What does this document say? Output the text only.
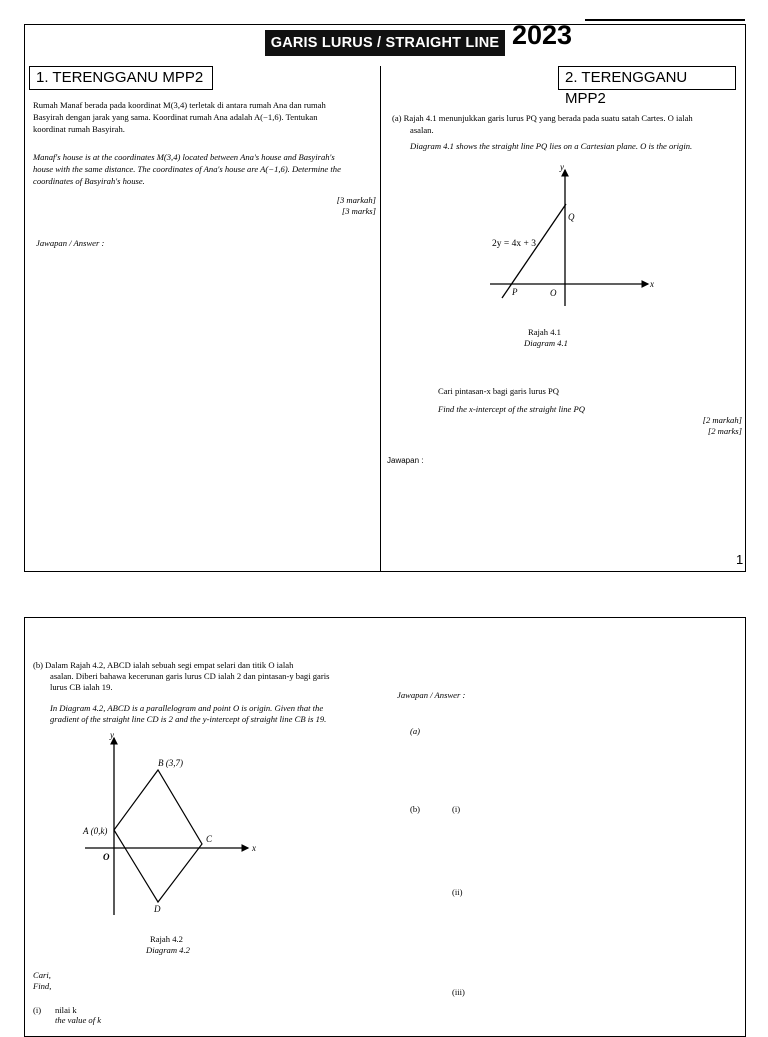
GARIS LURUS / STRAIGHT LINE 2023
1. TERENGGANU MPP2	2. TERENGGANU MPP2
Rumah Manaf berada pada koordinat M(3,4) terletak di antara rumah Ana dan rumah
Basyirah dengan jarak yang sama. Koordinat rumah Ana adalah A(−1,6). Tentukan
koordinat rumah Basyirah.
Manaf's house is at the coordinates M(3,4) located between Ana's house and Basyirah's
house with the same distance. The coordinates of Ana's house are A(−1,6). Determine the
coordinates of Basyirah's house.
[3 markah]
[3 marks]
Jawapan / Answer :
(a) Rajah 4.1 menunjukkan garis lurus PQ yang berada pada suatu satah Cartes. O ialah
asalan.
Diagram 4.1 shows the straight line PQ lies on a Cartesian plane. O is the origin.
y
x
Q
P	O
2y = 4x + 3
Rajah 4.1
Diagram 4.1
Cari pintasan-x bagi garis lurus PQ
Find the x-intercept of the straight line PQ
[2 markah]
[2 marks]
Jawapan :
1
(b) Dalam Rajah 4.2, ABCD ialah sebuah segi empat selari dan titik O ialah
asalan. Diberi bahawa kecerunan garis lurus CD ialah 2 dan pintasan-y bagi garis
lurus CB ialah 19.
In Diagram 4.2, ABCD is a parallelogram and point O is origin. Given that the
gradient of the straight line CD is 2 and the y-intercept of straight line CB is 19.
y
x
B (3,7)
A (0,k)
C
O
D
Rajah 4.2
Diagram 4.2
Cari,
Find,
(i) nilai k
the value of k
Jawapan / Answer :
(a)
(b)	(i)
(ii)
(iii)
